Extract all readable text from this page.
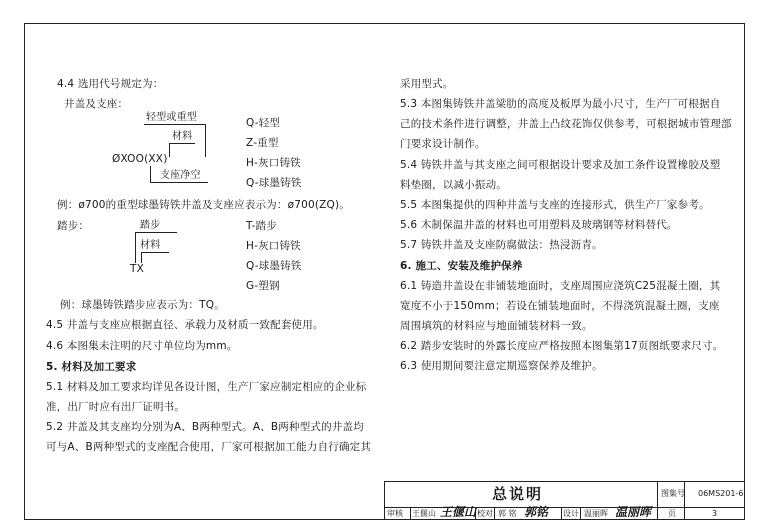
4.4 选用代号规定为：
井盖及支座：
轻型或重型
材料
ØXOO(XX)
支座净空
Q-轻型
Z-重型
H-灰口铸铁
Q-球墨铸铁
例：ø700的重型球墨铸铁井盖及支座应表示为：ø700(ZQ)。
踏步：	踏步
材料
TX
T-踏步
H-灰口铸铁
Q-球墨铸铁
G-塑钢
例：球墨铸铁踏步应表示为：TQ。
4.5 井盖与支座应根据直径、承载力及材质一致配套使用。
4.6 本图集未注明的尺寸单位均为mm。
5. 材料及加工要求
5.1 材料及加工要求均详见各设计图，生产厂家应制定相应的企业标
准，出厂时应有出厂证明书。
5.2 井盖及其支座均分别为A、B两种型式。A、B两种型式的井盖均
可与A、B两种型式的支座配合使用，厂家可根据加工能力自行确定其
采用型式。
5.3 本图集铸铁井盖梁肋的高度及板厚为最小尺寸，生产厂可根据自
己的技术条件进行调整，井盖上凸纹花饰仅供参考，可根据城市管理部
门要求设计制作。
5.4 铸铁井盖与其支座之间可根据设计要求及加工条件设置橡胶及塑
料垫圈，以减小振动。
5.5 本图集提供的四种井盖与支座的连接形式，供生产厂家参考。
5.6 木制保温井盖的材料也可用塑料及玻璃钢等材料替代。
5.7 铸铁井盖及支座防腐做法：热浸沥青。
6. 施工、安装及维护保养
6.1 铸造井盖设在非铺装地面时，支座周围应浇筑C25混凝土圈，其
宽度不小于150mm；若设在铺装地面时，不得浇筑混凝土圈，支座
周围填筑的材料应与地面铺装材料一致。
6.2 踏步安装时的外露长度应严格按照本图集第17页图纸要求尺寸。
6.3 使用期间要注意定期巡察保养及维护。
总说明	图集号 06MS201-6
审核 王偃山 王偃山 校对 郭 铭 郭铭 设计 温丽晖 温丽晖 页	3
